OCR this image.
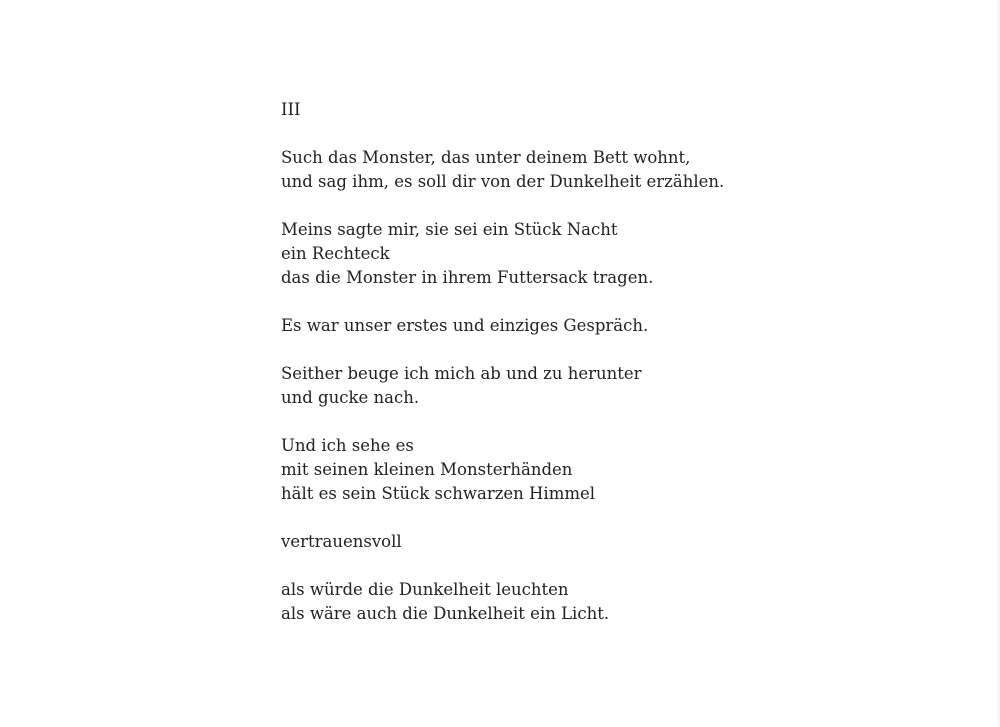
III
Such das Monster, das unter deinem Bett wohnt,
und sag ihm, es soll dir von der Dunkelheit erzählen.
Meins sagte mir, sie sei ein Stück Nacht
ein Rechteck
das die Monster in ihrem Futtersack tragen.
Es war unser erstes und einziges Gespräch.
Seither beuge ich mich ab und zu herunter
und gucke nach.
Und ich sehe es
mit seinen kleinen Monsterhänden
hält es sein Stück schwarzen Himmel
vertrauensvoll
als würde die Dunkelheit leuchten
als wäre auch die Dunkelheit ein Licht.
